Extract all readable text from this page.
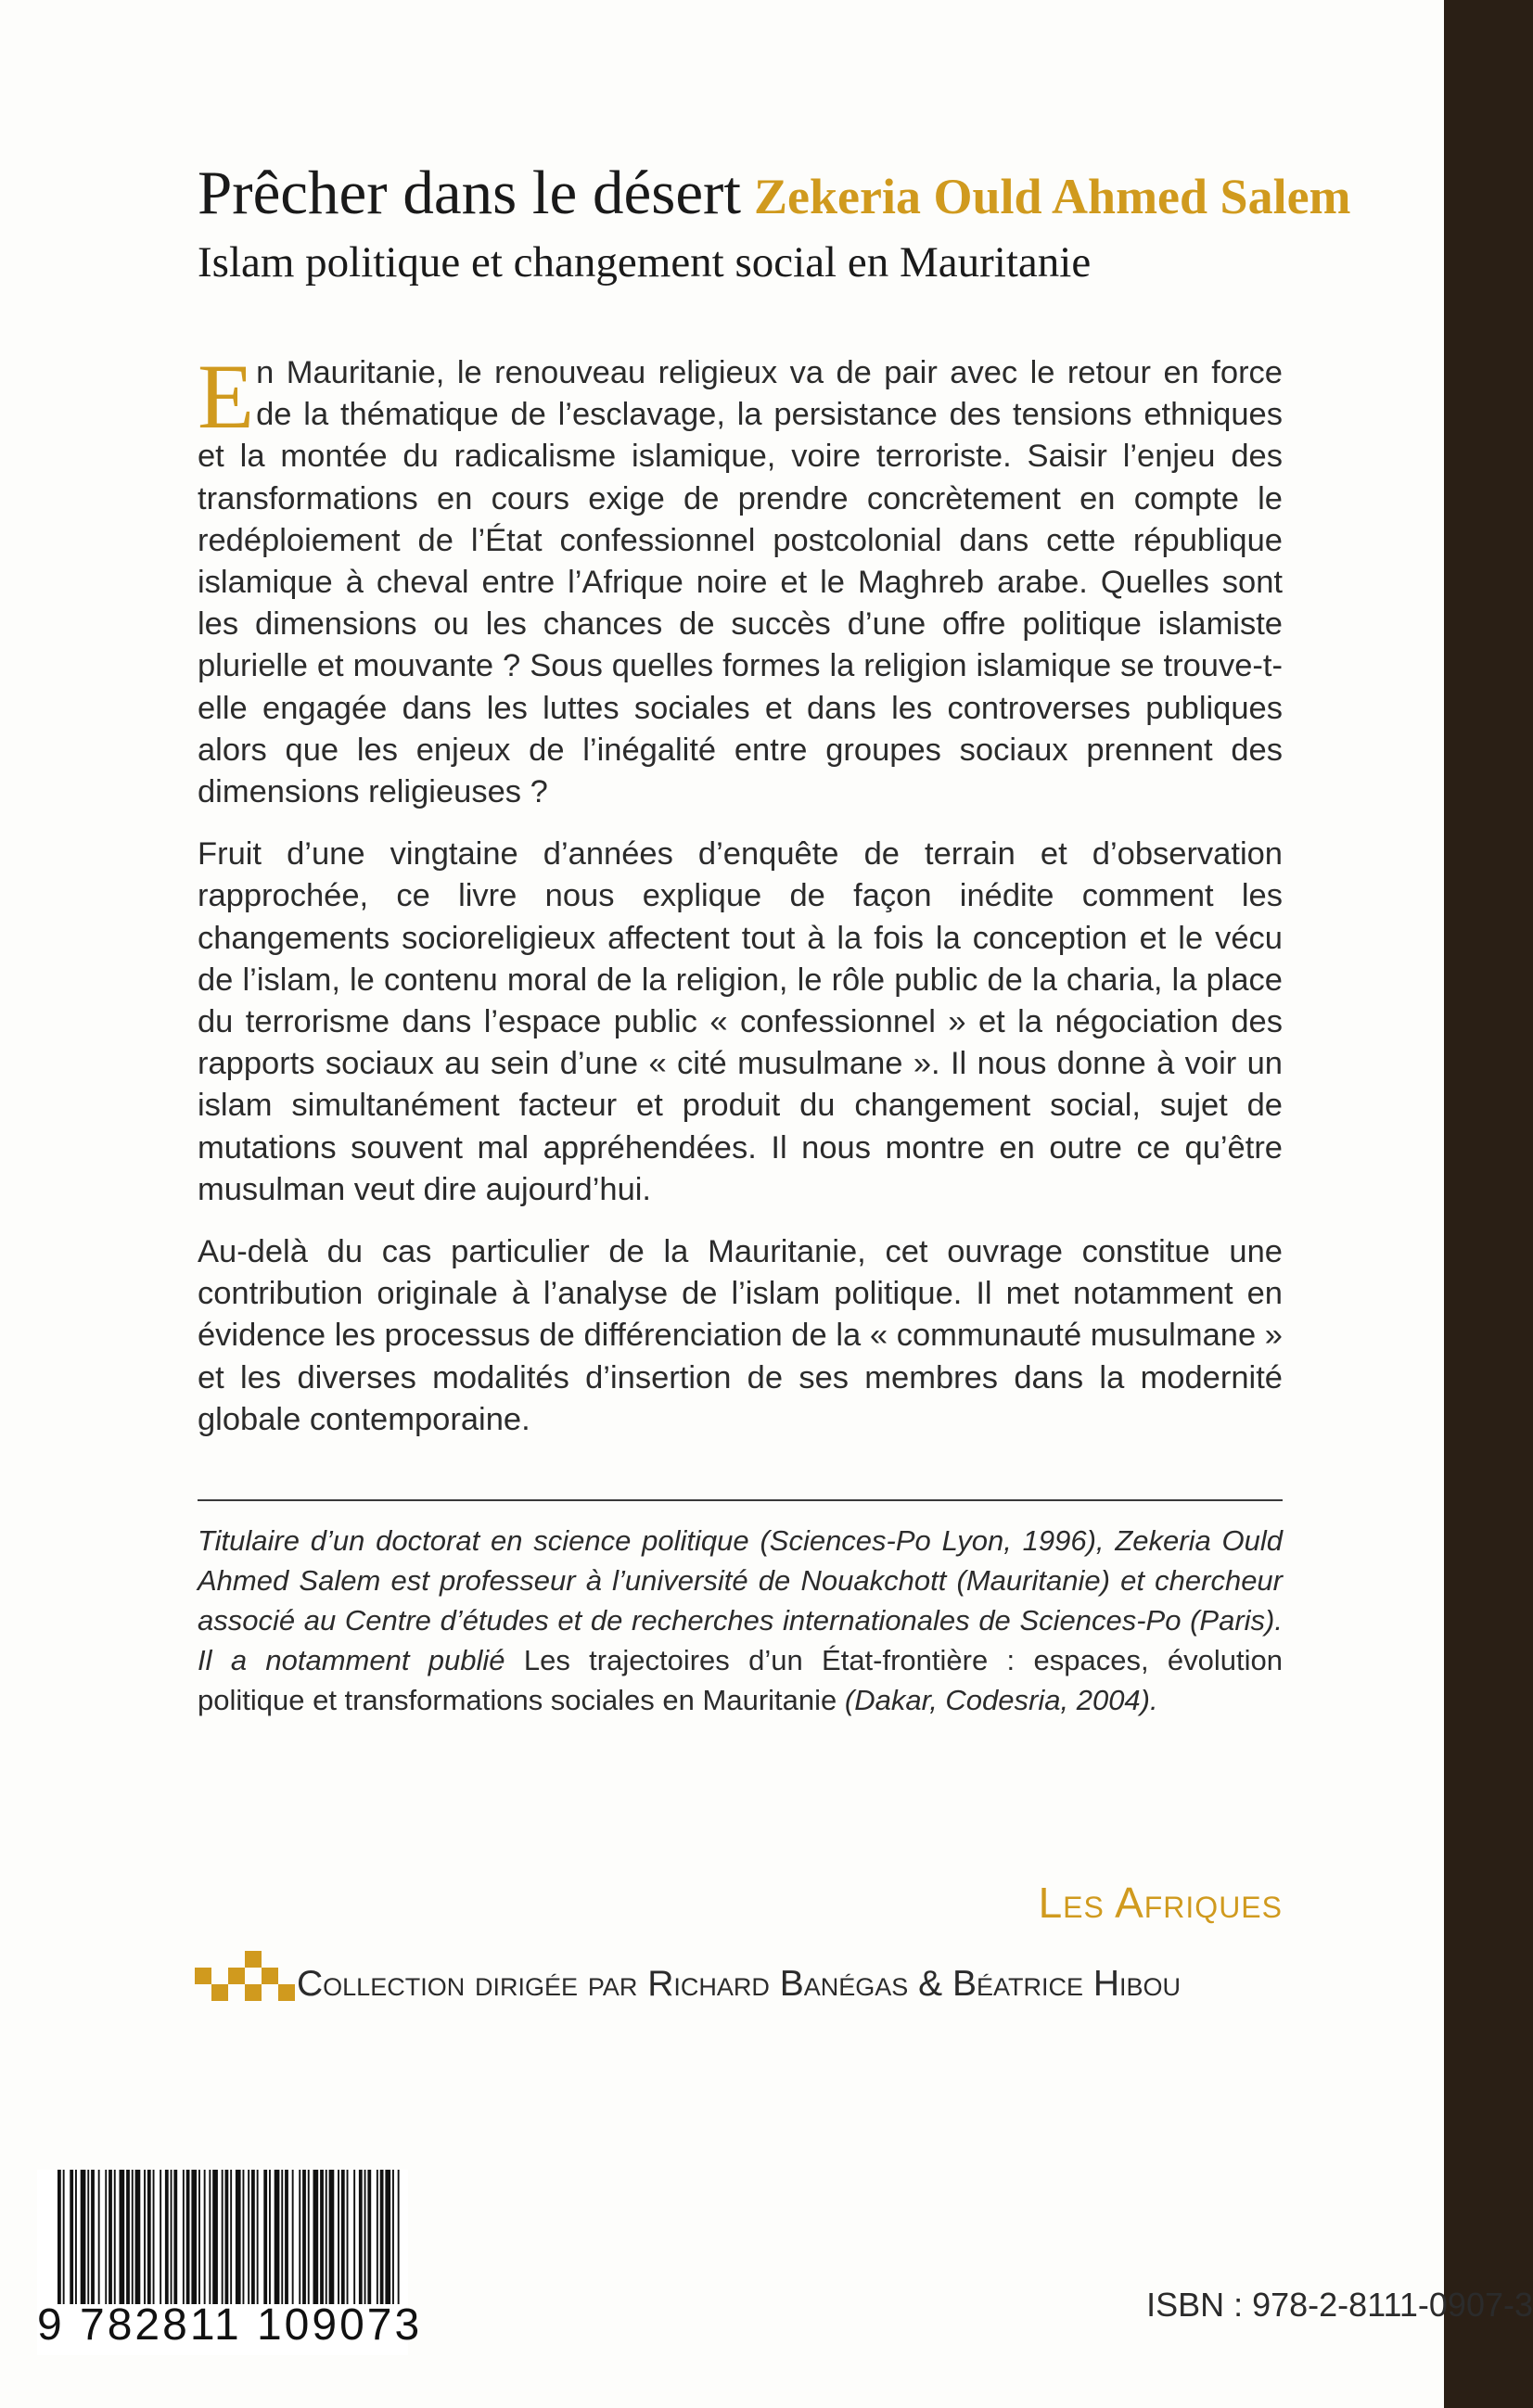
Prêcher dans le désert Zekeria Ould Ahmed Salem
Islam politique et changement social en Mauritanie

En Mauritanie, le renouveau religieux va de pair avec le retour en force de la thématique de l’esclavage, la persistance des tensions ethniques et la montée du radicalisme islamique, voire terroriste. Saisir l’enjeu des transformations en cours exige de prendre concrètement en compte le redéploiement de l’État confessionnel postcolonial dans cette république islamique à cheval entre l’Afrique noire et le Maghreb arabe. Quelles sont les dimensions ou les chances de succès d’une offre politique islamiste plurielle et mouvante ? Sous quelles formes la religion islamique se trouve-t-elle engagée dans les luttes sociales et dans les controverses publiques alors que les enjeux de l’inégalité entre groupes sociaux prennent des dimensions religieuses ?

Fruit d’une vingtaine d’années d’enquête de terrain et d’observation rapprochée, ce livre nous explique de façon inédite comment les changements socioreligieux affectent tout à la fois la conception et le vécu de l’islam, le contenu moral de la religion, le rôle public de la charia, la place du terrorisme dans l’espace public « confessionnel » et la négociation des rapports sociaux au sein d’une « cité musulmane ». Il nous donne à voir un islam simultanément facteur et produit du changement social, sujet de mutations souvent mal appréhendées. Il nous montre en outre ce qu’être musulman veut dire aujourd’hui.

Au-delà du cas particulier de la Mauritanie, cet ouvrage constitue une contribution originale à l’analyse de l’islam politique. Il met notamment en évidence les processus de différenciation de la « communauté musulmane » et les diverses modalités d’insertion de ses membres dans la modernité globale contemporaine.

Titulaire d’un doctorat en science politique (Sciences-Po Lyon, 1996), Zekeria Ould Ahmed Salem est professeur à l’université de Nouakchott (Mauritanie) et chercheur associé au Centre d’études et de recherches internationales de Sciences-Po (Paris). Il a notamment publié Les trajectoires d’un État-frontière : espaces, évolution politique et transformations sociales en Mauritanie (Dakar, Codesria, 2004).
Les Afriques
Collection dirigée par Richard Banégas & Béatrice Hibou
9 782811 109073	ISBN : 978-2-8111-0907-3
